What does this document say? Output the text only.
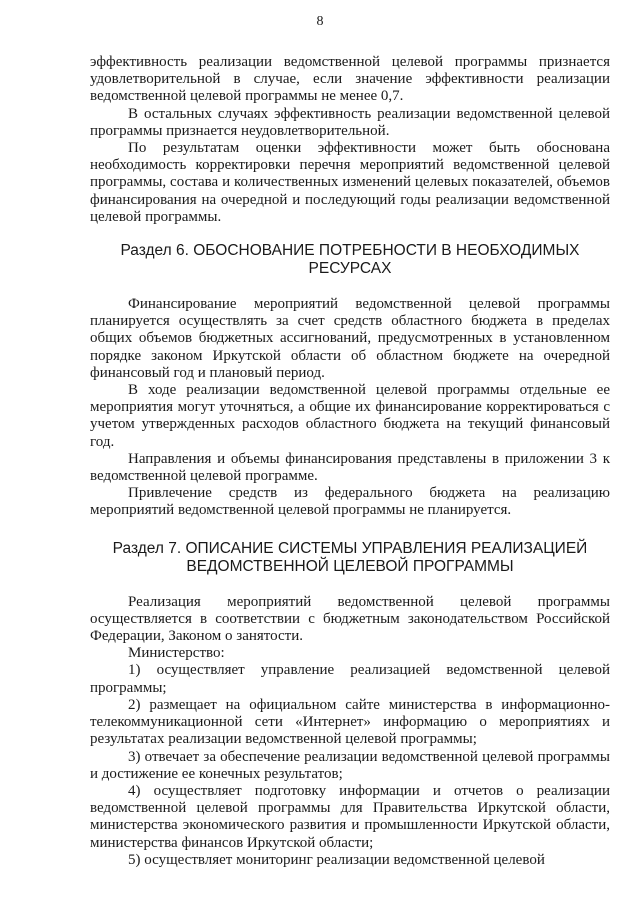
8

эффективность реализации ведомственной целевой программы признается удовлетворительной в случае, если значение эффективности реализации ведомственной целевой программы не менее 0,7.

В остальных случаях эффективность реализации ведомственной целевой программы признается неудовлетворительной.

По результатам оценки эффективности может быть обоснована необходимость корректировки перечня мероприятий ведомственной целевой программы, состава и количественных изменений целевых показателей, объемов финансирования на очередной и последующий годы реализации ведомственной целевой программы.

Раздел 6. ОБОСНОВАНИЕ ПОТРЕБНОСТИ В НЕОБХОДИМЫХ РЕСУРСАХ

Финансирование мероприятий ведомственной целевой программы планируется осуществлять за счет средств областного бюджета в пределах общих объемов бюджетных ассигнований, предусмотренных в установленном порядке законом Иркутской области об областном бюджете на очередной финансовый год и плановый период.

В ходе реализации ведомственной целевой программы отдельные ее мероприятия могут уточняться, а общие их финансирование корректироваться с учетом утвержденных расходов областного бюджета на текущий финансовый год.

Направления и объемы финансирования представлены в приложении 3 к ведомственной целевой программе.

Привлечение средств из федерального бюджета на реализацию мероприятий ведомственной целевой программы не планируется.

Раздел 7. ОПИСАНИЕ СИСТЕМЫ УПРАВЛЕНИЯ РЕАЛИЗАЦИЕЙ
ВЕДОМСТВЕННОЙ ЦЕЛЕВОЙ ПРОГРАММЫ

Реализация мероприятий ведомственной целевой программы осуществляется в соответствии с бюджетным законодательством Российской Федерации, Законом о занятости.

Министерство:

1) осуществляет управление реализацией ведомственной целевой программы;

2) размещает на официальном сайте министерства в информационно-телекоммуникационной сети «Интернет» информацию о мероприятиях и результатах реализации ведомственной целевой программы;

3) отвечает за обеспечение реализации ведомственной целевой программы и достижение ее конечных результатов;

4) осуществляет подготовку информации и отчетов о реализации ведомственной целевой программы для Правительства Иркутской области, министерства экономического развития и промышленности Иркутской области, министерства финансов Иркутской области;

5) осуществляет мониторинг реализации ведомственной целевой
